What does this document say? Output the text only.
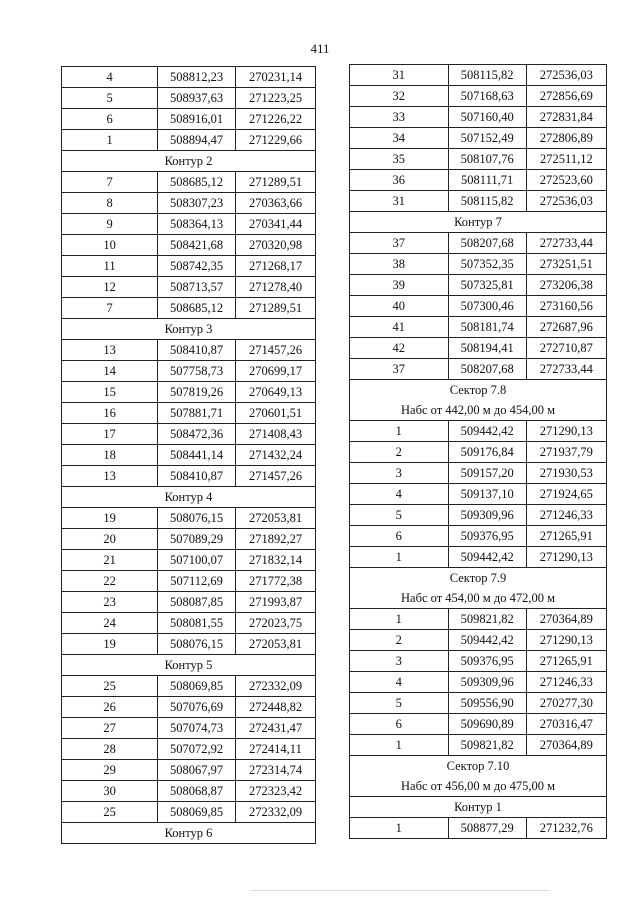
411
4	508812,23	270231,14
5	508937,63	271223,25
6	508916,01	271226,22
1	508894,47	271229,66
Контур 2		
7	508685,12	271289,51
8	508307,23	270363,66
9	508364,13	270341,44
10	508421,68	270320,98
11	508742,35	271268,17
12	508713,57	271278,40
7	508685,12	271289,51
Контур 3		
13	508410,87	271457,26
14	507758,73	270699,17
15	507819,26	270649,13
16	507881,71	270601,51
17	508472,36	271408,43
18	508441,14	271432,24
13	508410,87	271457,26
Контур 4		
19	508076,15	272053,81
20	507089,29	271892,27
21	507100,07	271832,14
22	507112,69	271772,38
23	508087,85	271993,87
24	508081,55	272023,75
19	508076,15	272053,81
Контур 5		
25	508069,85	272332,09
26	507076,69	272448,82
27	507074,73	272431,47
28	507072,92	272414,11
29	508067,97	272314,74
30	508068,87	272323,42
25	508069,85	272332,09
Контур 6		
31	508115,82	272536,03
32	507168,63	272856,69
33	507160,40	272831,84
34	507152,49	272806,89
35	508107,76	272511,12
36	508111,71	272523,60
31	508115,82	272536,03
Контур 7		
37	508207,68	272733,44
38	507352,35	273251,51
39	507325,81	273206,38
40	507300,46	273160,56
41	508181,74	272687,96
42	508194,41	272710,87
37	508207,68	272733,44

Сектор 7.8
Набс от 442,00 м до 454,00 м		

1	509442,42	271290,13
2	509176,84	271937,79
3	509157,20	271930,53
4	509137,10	271924,65
5	509309,96	271246,33
6	509376,95	271265,91
1	509442,42	271290,13

Сектор 7.9
Набс от 454,00 м до 472,00 м		

1	509821,82	270364,89
2	509442,42	271290,13
3	509376,95	271265,91
4	509309,96	271246,33
5	509556,90	270277,30
6	509690,89	270316,47
1	509821,82	270364,89

Сектор 7.10
Набс от 456,00 м до 475,00 м		

Контур 1		
1	508877,29	271232,76
